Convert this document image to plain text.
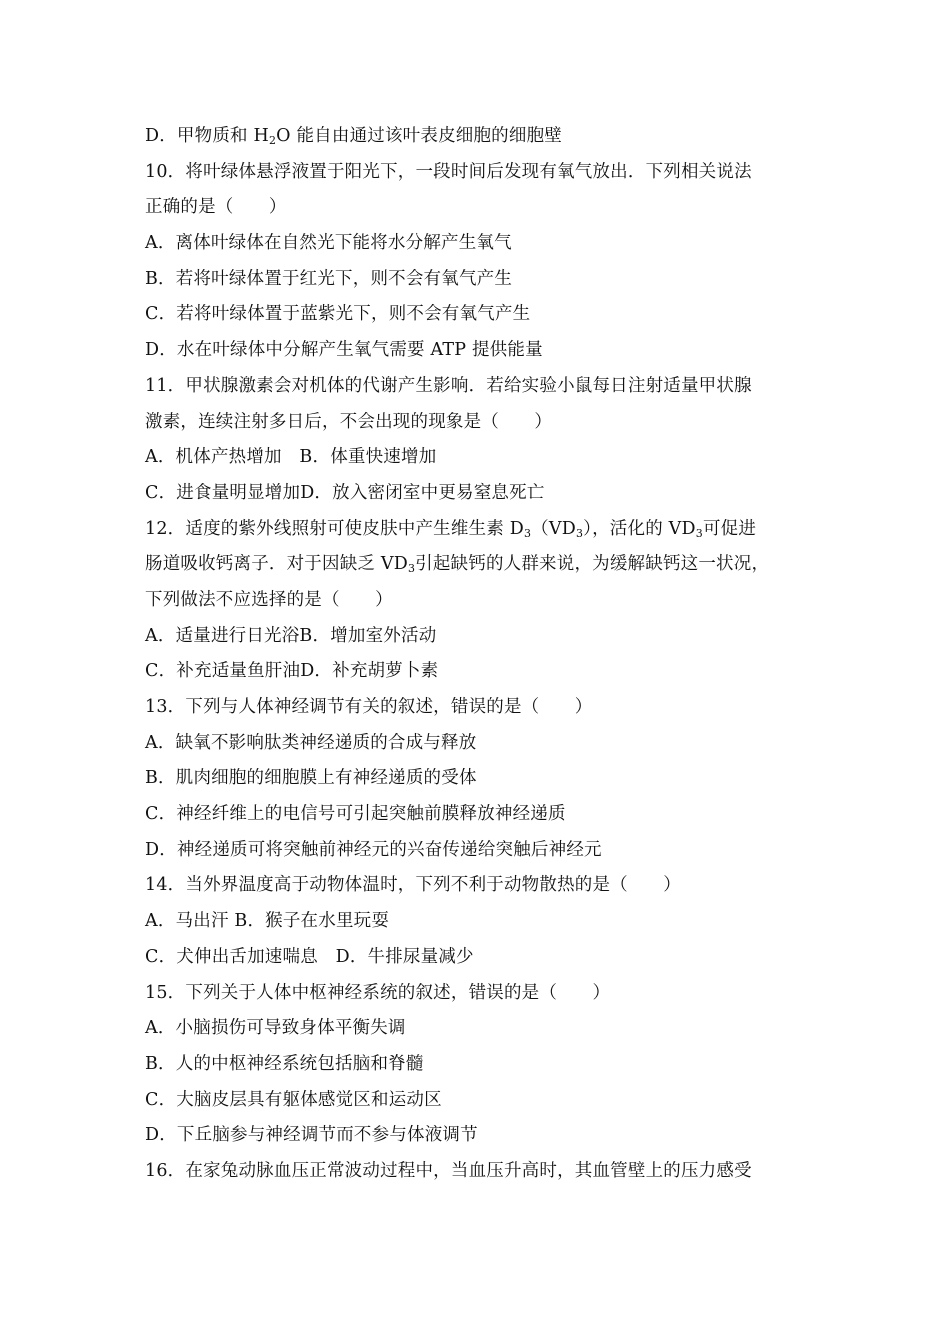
D．甲物质和 $H_2O$ 能自由通过该叶表皮细胞的细胞壁
10．将叶绿体悬浮液置于阳光下，一段时间后发现有氧气放出．下列相关说法
正确的是（　　）
A．离体叶绿体在自然光下能将水分解产生氧气
B．若将叶绿体置于红光下，则不会有氧气产生
C．若将叶绿体置于蓝紫光下，则不会有氧气产生
D．水在叶绿体中分解产生氧气需要 ATP 提供能量
11．甲状腺激素会对机体的代谢产生影响．若给实验小鼠每日注射适量甲状腺
激素，连续注射多日后，不会出现的现象是（　　）
A．机体产热增加　B．体重快速增加
C．进食量明显增加D．放入密闭室中更易窒息死亡
12．适度的紫外线照射可使皮肤中产生维生素 $D_3(VD_3)$，活化的 $VD_3$可促进
肠道吸收钙离子．对于因缺乏 $VD_3$引起缺钙的人群来说，为缓解缺钙这一状况，
下列做法不应选择的是（　　）
A．适量进行日光浴B．增加室外活动
C．补充适量鱼肝油D．补充胡萝卜素
13．下列与人体神经调节有关的叙述，错误的是（　　）
A．缺氧不影响肽类神经递质的合成与释放
B．肌肉细胞的细胞膜上有神经递质的受体
C．神经纤维上的电信号可引起突触前膜释放神经递质
D．神经递质可将突触前神经元的兴奋传递给突触后神经元
14．当外界温度高于动物体温时，下列不利于动物散热的是（　　）
A．马出汗 B．猴子在水里玩耍
C．犬伸出舌加速喘息　D．牛排尿量减少
15．下列关于人体中枢神经系统的叙述，错误的是（　　）
A．小脑损伤可导致身体平衡失调
B．人的中枢神经系统包括脑和脊髓
C．大脑皮层具有躯体感觉区和运动区
D．下丘脑参与神经调节而不参与体液调节
16．在家兔动脉血压正常波动过程中，当血压升高时，其血管壁上的压力感受
